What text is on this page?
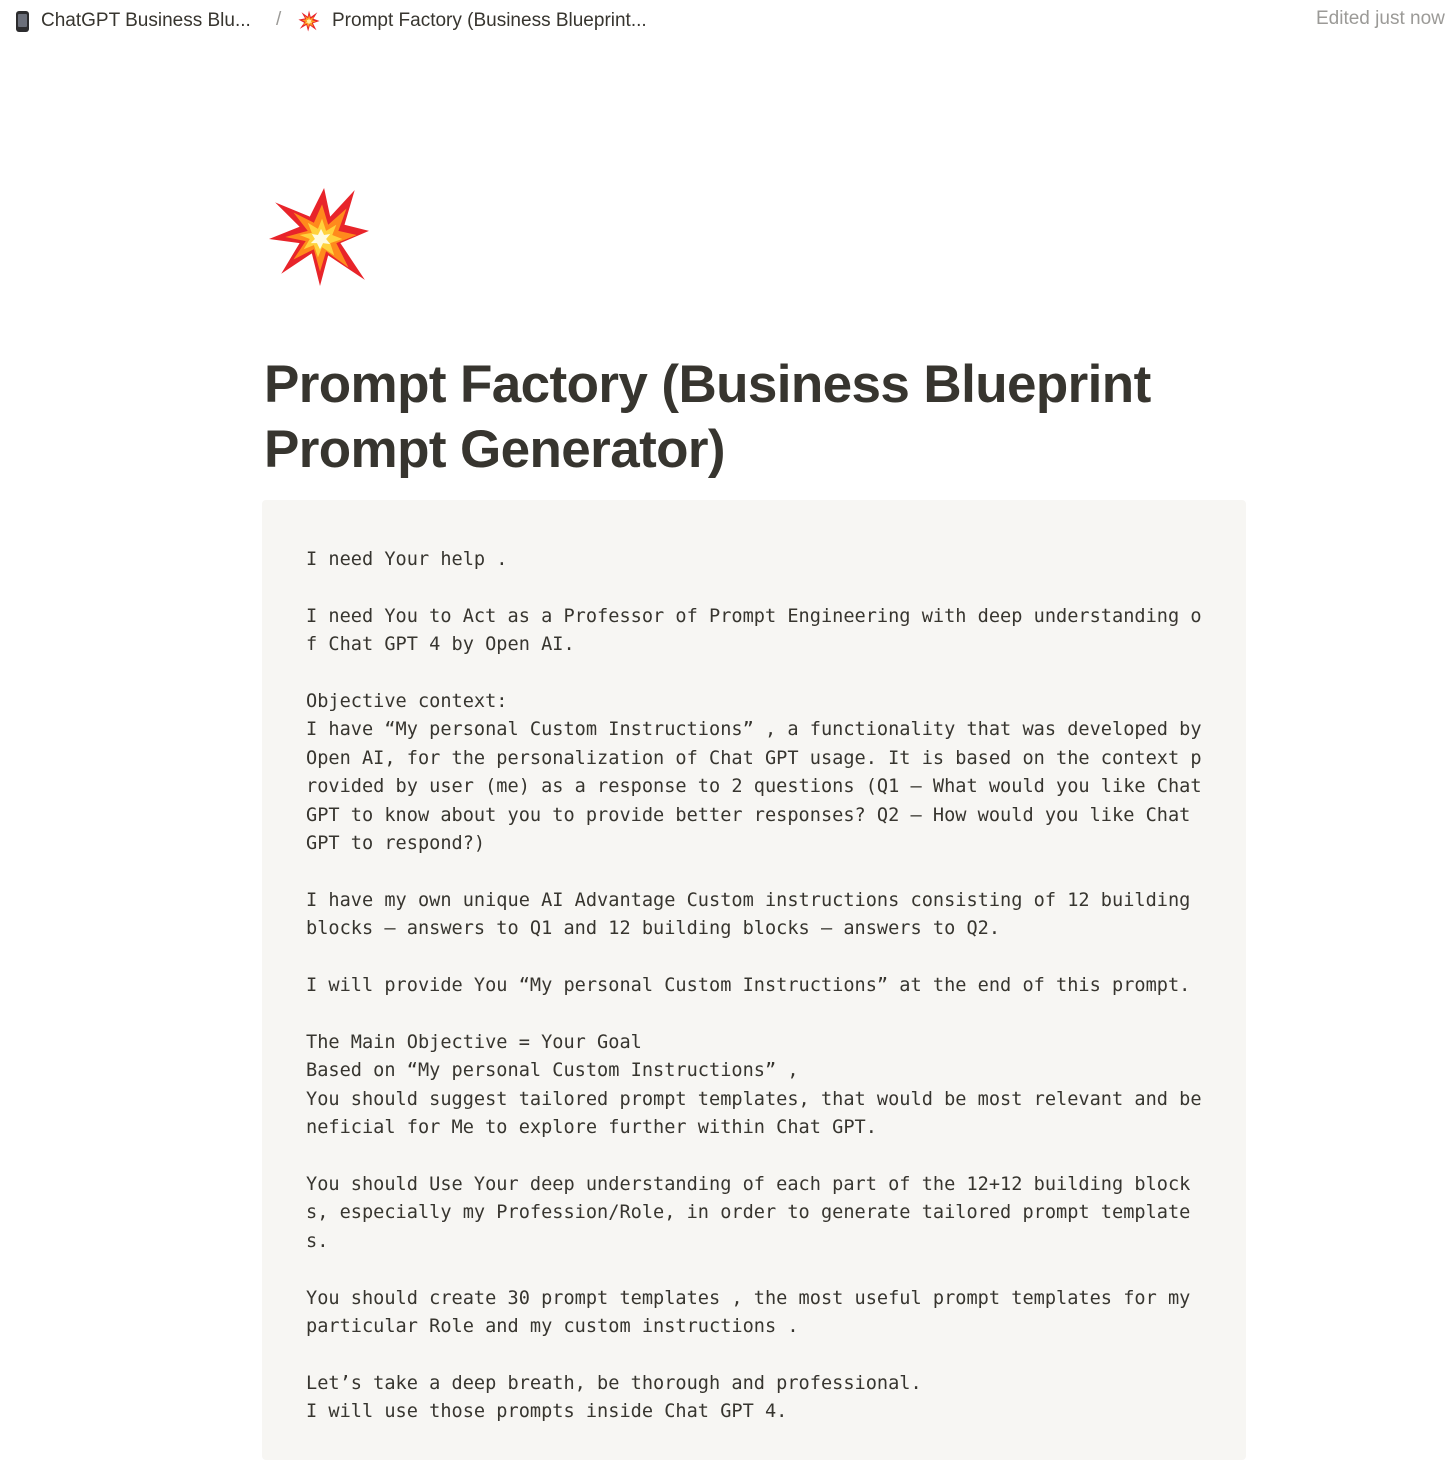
ChatGPT Business Blu... /	Prompt Factory (Business Blueprint...	Edited just now
Prompt Factory (Business Blueprint Prompt Generator)
I need Your help .

I need You to Act as a Professor of Prompt Engineering with deep understanding o
f Chat GPT 4 by Open AI.

Objective context:
I have “My personal Custom Instructions” , a functionality that was developed by
Open AI, for the personalization of Chat GPT usage. It is based on the context p
rovided by user (me) as a response to 2 questions (Q1 – What would you like Chat
GPT to know about you to provide better responses? Q2 – How would you like Chat
GPT to respond?)

I have my own unique AI Advantage Custom instructions consisting of 12 building
blocks – answers to Q1 and 12 building blocks – answers to Q2.

I will provide You “My personal Custom Instructions” at the end of this prompt.

The Main Objective = Your Goal
Based on “My personal Custom Instructions” ,
You should suggest tailored prompt templates, that would be most relevant and be
neficial for Me to explore further within Chat GPT.

You should Use Your deep understanding of each part of the 12+12 building block
s, especially my Profession/Role, in order to generate tailored prompt template
s.

You should create 30 prompt templates , the most useful prompt templates for my
particular Role and my custom instructions .

Let’s take a deep breath, be thorough and professional.
I will use those prompts inside Chat GPT 4.
